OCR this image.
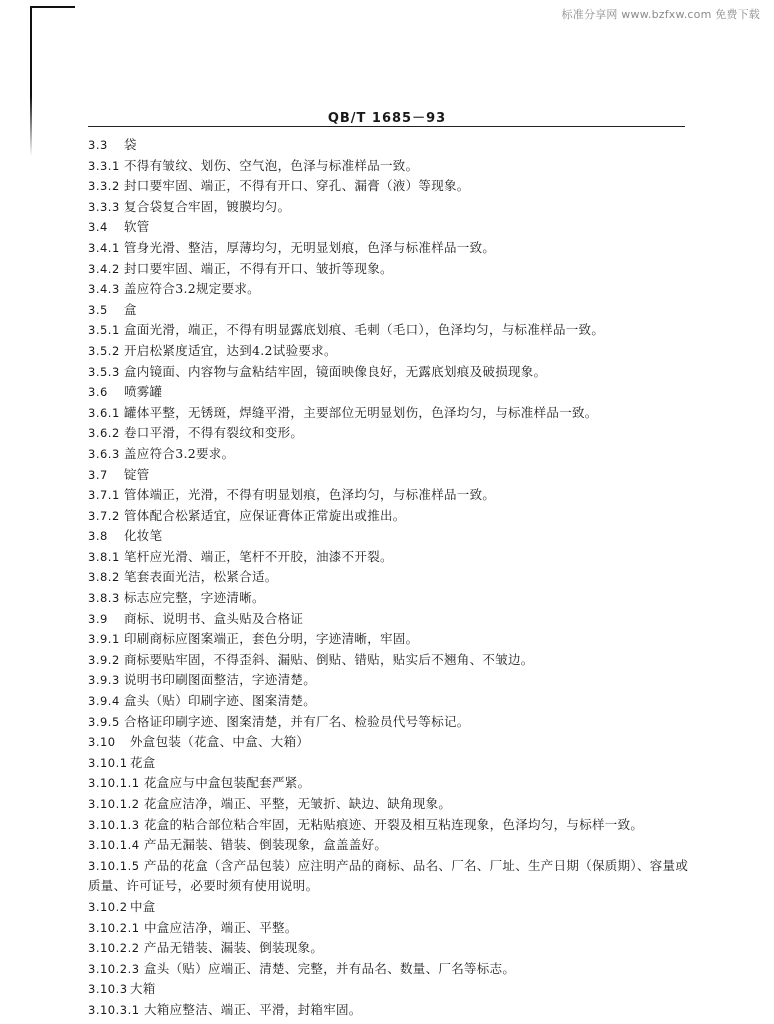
标准分享网 www.bzfxw.com 免费下载
QB/T 1685－93
3.3	袋
3.3.1 不得有皱纹、划伤、空气泡，色泽与标准样品一致。
3.3.2 封口要牢固、端正，不得有开口、穿孔、漏膏（液）等现象。
3.3.3 复合袋复合牢固，镀膜均匀。
3.4	软管
3.4.1 管身光滑、整洁，厚薄均匀，无明显划痕，色泽与标准样品一致。
3.4.2 封口要牢固、端正，不得有开口、皱折等现象。
3.4.3 盖应符合3.2规定要求。
3.5	盒
3.5.1 盒面光滑，端正，不得有明显露底划痕、毛刺（毛口），色泽均匀，与标准样品一致。
3.5.2 开启松紧度适宜，达到4.2试验要求。
3.5.3 盒内镜面、内容物与盒粘结牢固，镜面映像良好，无露底划痕及破损现象。
3.6	喷雾罐
3.6.1 罐体平整，无锈斑，焊缝平滑，主要部位无明显划伤，色泽均匀，与标准样品一致。
3.6.2 卷口平滑，不得有裂纹和变形。
3.6.3 盖应符合3.2要求。
3.7	锭管
3.7.1 管体端正，光滑，不得有明显划痕，色泽均匀，与标准样品一致。
3.7.2 管体配合松紧适宜，应保证膏体正常旋出或推出。
3.8	化妆笔
3.8.1 笔杆应光滑、端正，笔杆不开胶，油漆不开裂。
3.8.2 笔套表面光洁，松紧合适。
3.8.3 标志应完整，字迹清晰。
3.9	商标、说明书、盒头贴及合格证
3.9.1 印刷商标应图案端正，套色分明，字迹清晰，牢固。
3.9.2 商标要贴牢固，不得歪斜、漏贴、倒贴、错贴，贴实后不翘角、不皱边。
3.9.3 说明书印刷图面整洁，字迹清楚。
3.9.4 盒头（贴）印刷字迹、图案清楚。
3.9.5 合格证印刷字迹、图案清楚，并有厂名、检验员代号等标记。
3.10	外盒包装（花盒、中盒、大箱）
3.10.1 花盒
3.10.1.1 花盒应与中盒包装配套严紧。
3.10.1.2 花盒应洁净，端正、平整，无皱折、缺边、缺角现象。
3.10.1.3 花盒的粘合部位粘合牢固，无粘贴痕迹、开裂及相互粘连现象，色泽均匀，与标样一致。
3.10.1.4 产品无漏装、错装、倒装现象，盒盖盖好。
3.10.1.5 产品的花盒（含产品包装）应注明产品的商标、品名、厂名、厂址、生产日期（保质期）、容量或
质量、许可证号，必要时须有使用说明。
3.10.2 中盒
3.10.2.1 中盒应洁净，端正、平整。
3.10.2.2 产品无错装、漏装、倒装现象。
3.10.2.3 盒头（贴）应端正、清楚、完整，并有品名、数量、厂名等标志。
3.10.3 大箱
3.10.3.1 大箱应整洁、端正、平滑，封箱牢固。
